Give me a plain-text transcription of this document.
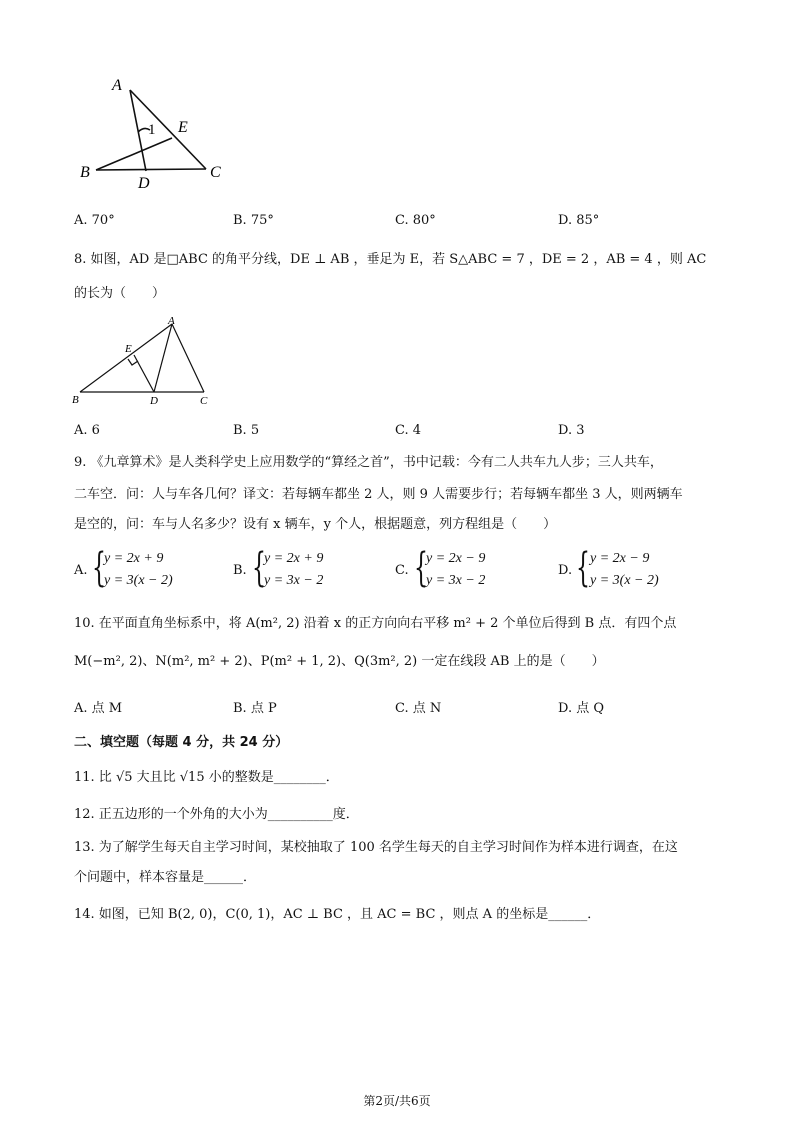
A
E
1
B
D
C
A. 70°	B. 75°	C. 80°	D. 85°
8. 如图，AD 是□ABC 的角平分线，DE ⊥ AB ，垂足为 E，若 S△ABC = 7 ，DE = 2 ，AB = 4 ，则 AC
的长为（　　）
A
E
B	D	C
A. 6	B. 5	C. 4	D. 3
9. 《九章算术》是人类科学史上应用数学的“算经之首”，书中记载：今有二人共车九人步；三人共车，
二车空．问：人与车各几何？译文：若每辆车都坐 2 人，则 9 人需要步行；若每辆车都坐 3 人，则两辆车
是空的，问：车与人名多少？设有 x 辆车，y 个人，根据题意，列方程组是（　　）
A. {
y = 2x + 9
y = 3(x − 2)
B. {
y = 2x + 9
y = 3x − 2
C. {
y = 2x − 9
y = 3x − 2
D. { y = 2x − 9
y = 3(x − 2)
10. 在平面直角坐标系中，将 A(m², 2) 沿着 x 的正方向向右平移 m² + 2 个单位后得到 B 点．有四个点
M(−m², 2)、N(m², m² + 2)、P(m² + 1, 2)、Q(3m², 2) 一定在线段 AB 上的是（　　）
A. 点 M	B. 点 P	C. 点 N	D. 点 Q
二、填空题（每题 4 分，共 24 分）
11. 比 √5 大且比 √15 小的整数是________．
12. 正五边形的一个外角的大小为__________度．
13. 为了解学生每天自主学习时间，某校抽取了 100 名学生每天的自主学习时间作为样本进行调查，在这
个问题中，样本容量是______．
14. 如图，已知 B(2, 0)，C(0, 1)，AC ⊥ BC ，且 AC = BC ，则点 A 的坐标是______．
第2页/共6页
